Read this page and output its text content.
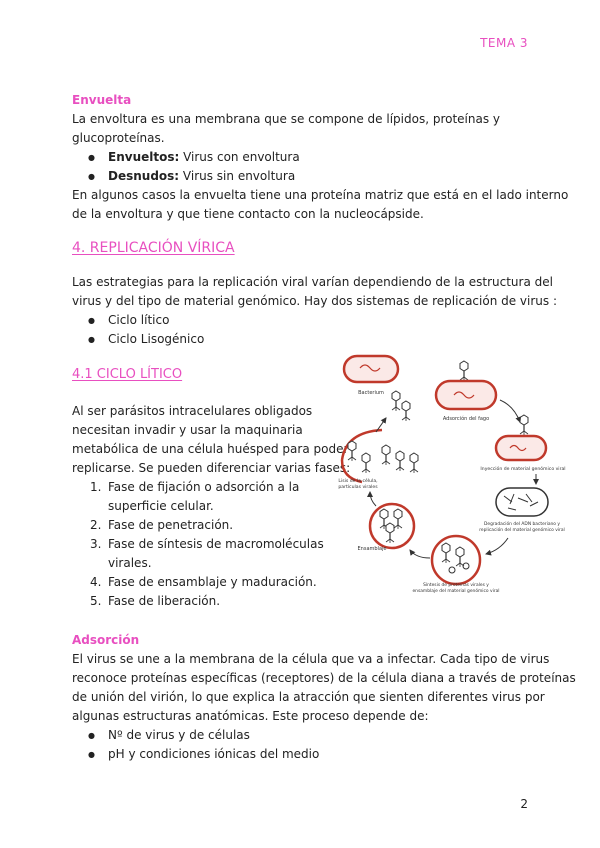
TEMA 3
Envuelta
La envoltura es una membrana que se compone de lípidos, proteínas y
glucoproteínas.
● Envueltos: Virus con envoltura
● Desnudos: Virus sin envoltura
En algunos casos la envuelta tiene una proteína matriz que está en el lado interno
de la envoltura y que tiene contacto con la nucleocápside.
4. REPLICACIÓN VÍRICA
Las estrategias para la replicación viral varían dependiendo de la estructura del
virus y del tipo de material genómico. Hay dos sistemas de replicación de virus :
● Ciclo lítico
● Ciclo Lisogénico
4.1 CICLO LÍTICO
Al ser parásitos intracelulares obligados
necesitan invadir y usar la maquinaria
metabólica de una célula huésped para poder
replicarse. Se pueden diferenciar varias fases:
1. Fase de fijación o adsorción a la
superficie celular.
2. Fase de penetración.
3. Fase de síntesis de macromoléculas
virales.
4. Fase de ensamblaje y maduración.
5. Fase de liberación.
Bacterium
Adsorción del fago
Inyección de material genómico viral
Degradación del ADN bacteriano y
replicación del material genómico viral
Síntesis de proteínas virales y
ensamblaje del material genómico viral
Ensamblaje
Lisis de la célula,
partículas virales
Adsorción
El virus se une a la membrana de la célula que va a infectar. Cada tipo de virus
reconoce proteínas específicas (receptores) de la célula diana a través de proteínas
de unión del virión, lo que explica la atracción que sienten diferentes virus por
algunas estructuras anatómicas. Este proceso depende de:
● Nº de virus y de células
● pH y condiciones iónicas del medio
2
